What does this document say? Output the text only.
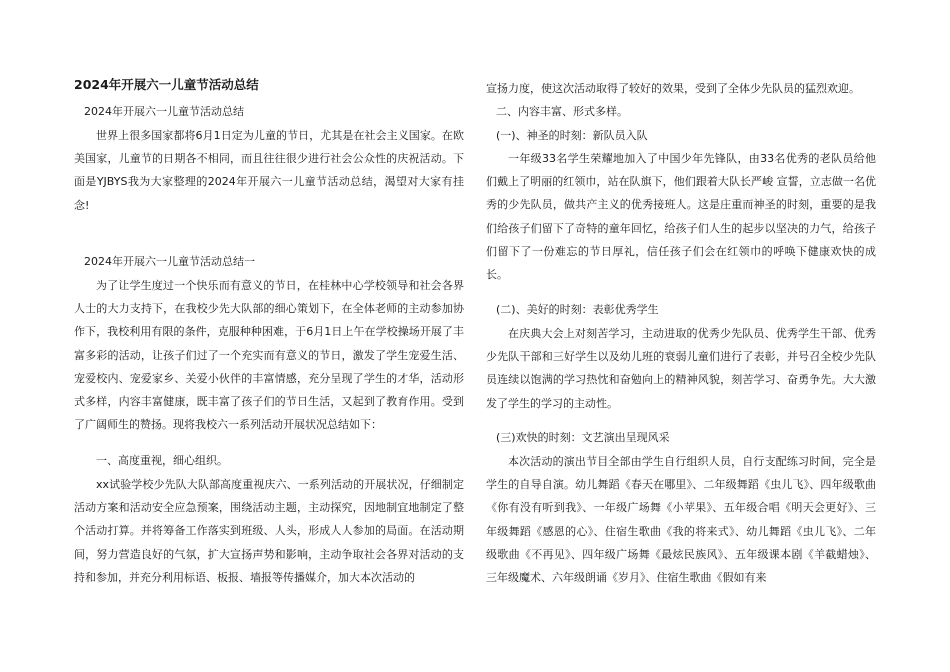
2024年开展六一儿童节活动总结

2024年开展六一儿童节活动总结

世界上很多国家都将6月1日定为儿童的节日，尤其是在社会主义国家。在欧美国家，儿童节的日期各不相同，而且往往很少进行社会公众性的庆祝活动。下面是YJBYS我为大家整理的2024年开展六一儿童节活动总结，渴望对大家有挂念!

2024年开展六一儿童节活动总结一

为了让学生度过一个快乐而有意义的节日，在桂林中心学校领导和社会各界人士的大力支持下，在我校少先大队部的细心策划下，在全体老师的主动参加协作下，我校利用有限的条件，克服种种困难，于6月1日上午在学校操场开展了丰富多彩的活动，让孩子们过了一个充实而有意义的节日，激发了学生宠爱生活、宠爱校内、宠爱家乡、关爱小伙伴的丰富情感，充分呈现了学生的才华，活动形式多样，内容丰富健康，既丰富了孩子们的节日生活，又起到了教育作用。受到了广阔师生的赞扬。现将我校六一系列活动开展状况总结如下：

一、高度重视，细心组织。

xx试验学校少先队大队部高度重视庆六、一系列活动的开展状况，仔细制定活动方案和活动安全应急预案，围绕活动主题，主动探究，因地制宜地制定了整个活动打算。并将筹备工作落实到班级、人头，形成人人参加的局面。在活动期间，努力营造良好的气氛，扩大宣扬声势和影响，主动争取社会各界对活动的支持和参加，并充分利用标语、板报、墙报等传播媒介，加大本次活动的

宣扬力度，使这次活动取得了较好的效果，受到了全体少先队员的猛烈欢迎。

二、内容丰富、形式多样。

(一)、神圣的时刻：新队员入队

一年级33名学生荣耀地加入了中国少年先锋队，由33名优秀的老队员给他们戴上了明丽的红领巾，站在队旗下，他们跟着大队长严峻 宣誓，立志做一名优秀的少先队员，做共产主义的优秀接班人。这是庄重而神圣的时刻，重要的是我们给孩子们留下了奇特的童年回忆，给孩子们人生的起步以坚决的力气，给孩子们留下了一份难忘的节日厚礼，信任孩子们会在红领巾的呼唤下健康欢快的成长。

(二)、美好的时刻：表彰优秀学生

在庆典大会上对刻苦学习，主动进取的优秀少先队员、优秀学生干部、优秀少先队干部和三好学生以及幼儿班的衰弱儿童们进行了表彰，并号召全校少先队员连续以饱满的学习热忱和奋勉向上的精神风貌，刻苦学习、奋勇争先。大大激发了学生的学习的主动性。

(三)欢快的时刻：文艺演出呈现风采

本次活动的演出节目全部由学生自行组织人员，自行支配练习时间，完全是学生的自导自演。幼儿舞蹈《春天在哪里》、二年级舞蹈《虫儿飞》、四年级歌曲《你有没有听到我》、一年级广场舞《小苹果》、五年级合唱《明天会更好》、三年级舞蹈《感恩的心》、住宿生歌曲《我的将来式》、幼儿舞蹈《虫儿飞》、二年级歌曲《不再见》、四年级广场舞《最炫民族风》、五年级课本剧《羊截蜡烛》、三年级魔术、六年级朗诵《岁月》、住宿生歌曲《假如有来
